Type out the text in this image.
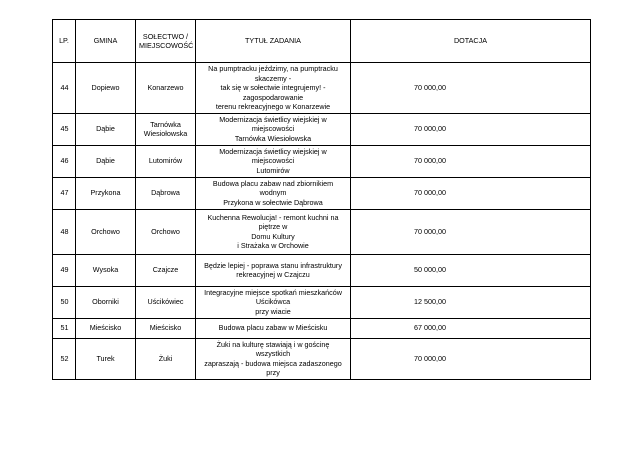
LP.	GMINA	SOŁECTWO /
MIEJSCOWOŚĆ	TYTUŁ ZADANIA	DOTACJA
44	Dopiewo	Konarzewo	Na pumptracku jeździmy, na pumptracku skaczemy -
tak się w sołectwie integrujemy! - zagospodarowanie
terenu rekreacyjnego w Konarzewie	70 000,00
45	Dąbie	Tarnówka Wiesiołowska	Modernizacja świetlicy wiejskiej w miejscowości
Tarnówka Wiesiołowska	70 000,00
46	Dąbie	Lutomirów	Modernizacja świetlicy wiejskiej w miejscowości
Lutomirów	70 000,00
47	Przykona	Dąbrowa	Budowa placu zabaw nad zbiornikiem wodnym
Przykona w sołectwie Dąbrowa	70 000,00
48	Orchowo	Orchowo	Kuchenna Rewolucja! - remont kuchni na piętrze w
Domu Kultury
i Strażaka w Orchowie	70 000,00
49	Wysoka	Czajcze	Będzie lepiej - poprawa stanu infrastruktury
rekreacyjnej w Czajczu	50 000,00
50	Oborniki	Uścikówiec	Integracyjne miejsce spotkań mieszkańców Uścikówca
przy wiacie	12 500,00
51	Mieścisko	Mieścisko	Budowa placu zabaw w Mieścisku	67 000,00
52	Turek	Żuki	Żuki na kulturę stawiają i w gościnę wszystkich
zapraszają - budowa miejsca zadaszonego przy	70 000,00
